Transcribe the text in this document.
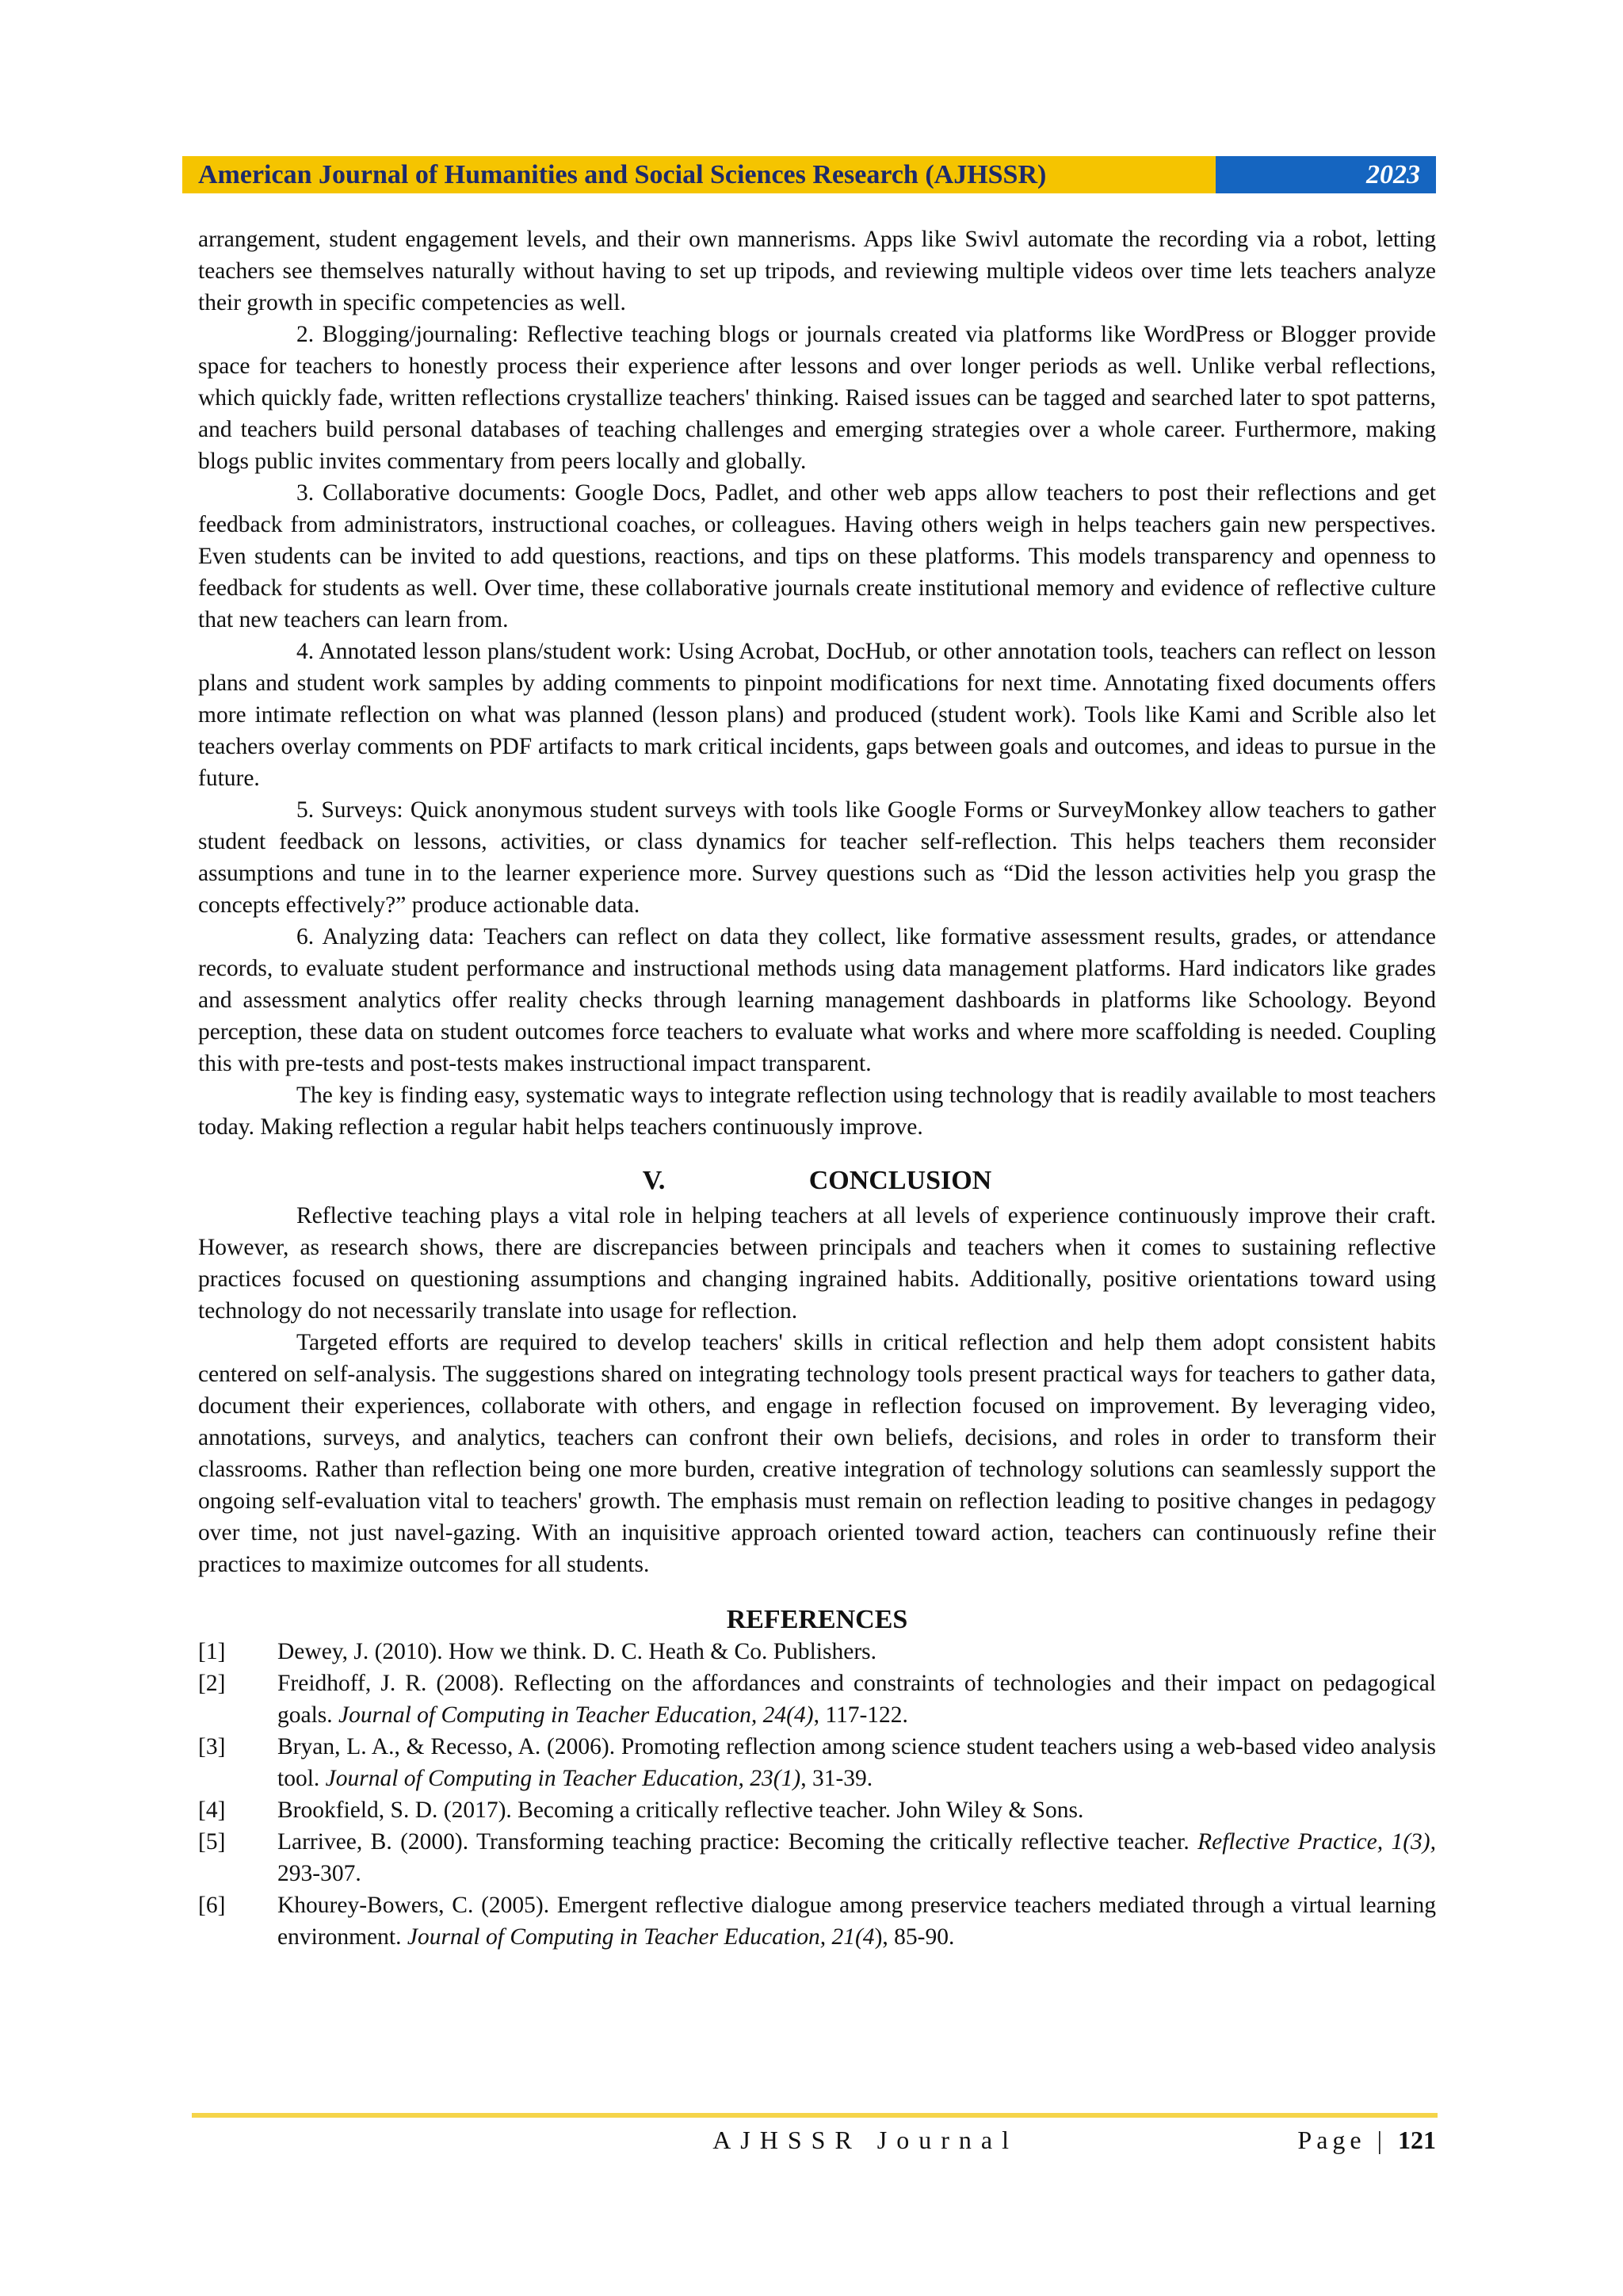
American Journal of Humanities and Social Sciences Research (AJHSSR)	2023

arrangement, student engagement levels, and their own mannerisms. Apps like Swivl automate the recording via a robot, letting teachers see themselves naturally without having to set up tripods, and reviewing multiple videos over time lets teachers analyze their growth in specific competencies as well.

2. Blogging/journaling: Reflective teaching blogs or journals created via platforms like WordPress or Blogger provide space for teachers to honestly process their experience after lessons and over longer periods as well. Unlike verbal reflections, which quickly fade, written reflections crystallize teachers' thinking. Raised issues can be tagged and searched later to spot patterns, and teachers build personal databases of teaching challenges and emerging strategies over a whole career. Furthermore, making blogs public invites commentary from peers locally and globally.

3. Collaborative documents: Google Docs, Padlet, and other web apps allow teachers to post their reflections and get feedback from administrators, instructional coaches, or colleagues. Having others weigh in helps teachers gain new perspectives. Even students can be invited to add questions, reactions, and tips on these platforms. This models transparency and openness to feedback for students as well. Over time, these collaborative journals create institutional memory and evidence of reflective culture that new teachers can learn from.

4. Annotated lesson plans/student work: Using Acrobat, DocHub, or other annotation tools, teachers can reflect on lesson plans and student work samples by adding comments to pinpoint modifications for next time. Annotating fixed documents offers more intimate reflection on what was planned (lesson plans) and produced (student work). Tools like Kami and Scrible also let teachers overlay comments on PDF artifacts to mark critical incidents, gaps between goals and outcomes, and ideas to pursue in the future.

5. Surveys: Quick anonymous student surveys with tools like Google Forms or SurveyMonkey allow teachers to gather student feedback on lessons, activities, or class dynamics for teacher self-reflection. This helps teachers them reconsider assumptions and tune in to the learner experience more. Survey questions such as “Did the lesson activities help you grasp the concepts effectively?” produce actionable data.

6. Analyzing data: Teachers can reflect on data they collect, like formative assessment results, grades, or attendance records, to evaluate student performance and instructional methods using data management platforms. Hard indicators like grades and assessment analytics offer reality checks through learning management dashboards in platforms like Schoology. Beyond perception, these data on student outcomes force teachers to evaluate what works and where more scaffolding is needed. Coupling this with pre-tests and post-tests makes instructional impact transparent.

The key is finding easy, systematic ways to integrate reflection using technology that is readily available to most teachers today. Making reflection a regular habit helps teachers continuously improve.

V.	CONCLUSION

Reflective teaching plays a vital role in helping teachers at all levels of experience continuously improve their craft. However, as research shows, there are discrepancies between principals and teachers when it comes to sustaining reflective practices focused on questioning assumptions and changing ingrained habits. Additionally, positive orientations toward using technology do not necessarily translate into usage for reflection.

Targeted efforts are required to develop teachers' skills in critical reflection and help them adopt consistent habits centered on self-analysis. The suggestions shared on integrating technology tools present practical ways for teachers to gather data, document their experiences, collaborate with others, and engage in reflection focused on improvement. By leveraging video, annotations, surveys, and analytics, teachers can confront their own beliefs, decisions, and roles in order to transform their classrooms. Rather than reflection being one more burden, creative integration of technology solutions can seamlessly support the ongoing self-evaluation vital to teachers' growth. The emphasis must remain on reflection leading to positive changes in pedagogy over time, not just navel-gazing. With an inquisitive approach oriented toward action, teachers can continuously refine their practices to maximize outcomes for all students.

REFERENCES
[1]	Dewey, J. (2010). How we think. D. C. Heath & Co. Publishers.
[2]	Freidhoff, J. R. (2008). Reflecting on the affordances and constraints of technologies and their impact on pedagogical goals. Journal of Computing in Teacher Education, 24(4), 117-122.
[3]	Bryan, L. A., & Recesso, A. (2006). Promoting reflection among science student teachers using a web-based video analysis tool. Journal of Computing in Teacher Education, 23(1), 31-39.
[4]	Brookfield, S. D. (2017). Becoming a critically reflective teacher. John Wiley & Sons.
[5]	Larrivee, B. (2000). Transforming teaching practice: Becoming the critically reflective teacher. Reflective Practice, 1(3), 293-307.
[6]	Khourey-Bowers, C. (2005). Emergent reflective dialogue among preservice teachers mediated through a virtual learning environment. Journal of Computing in Teacher Education, 21(4), 85-90.
AJHSSR Journal	Page | 121
